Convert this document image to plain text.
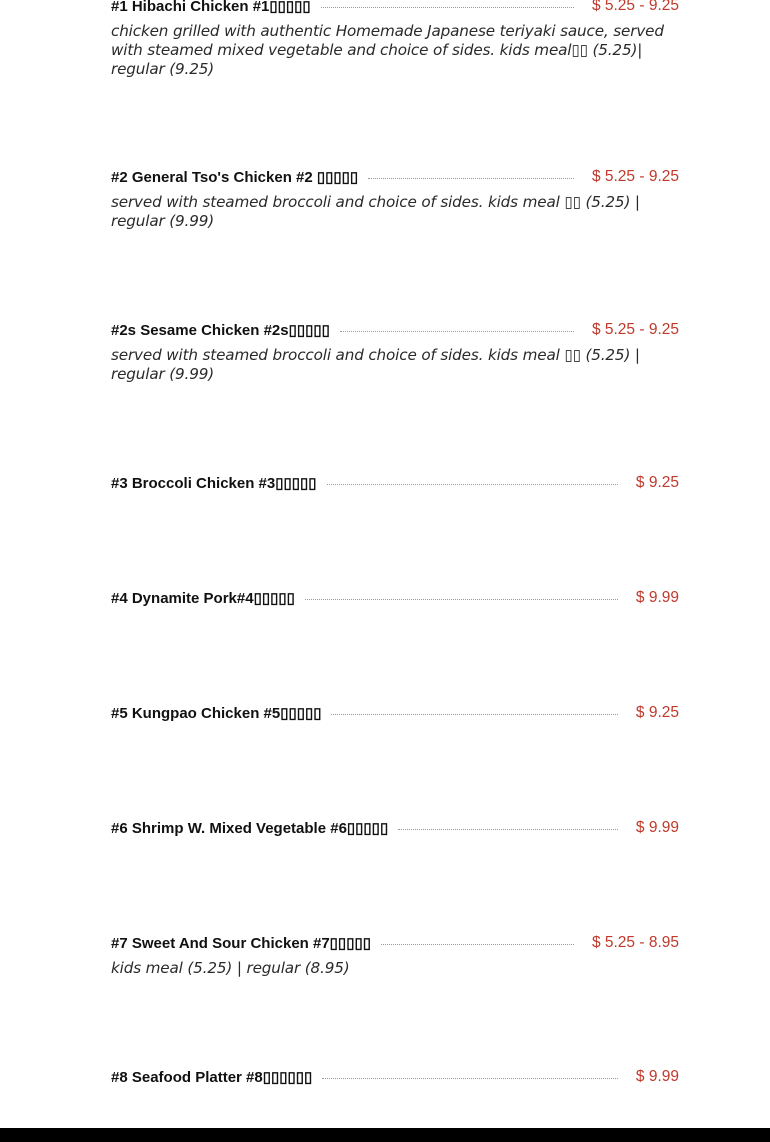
#1 Hibachi Chicken #1▯▯▯▯▯	$ 5.25 - 9.25
chicken grilled with authentic Homemade Japanese teriyaki sauce, served with steamed mixed vegetable and choice of sides. kids meal▯▯ (5.25)| regular (9.25)
#2 General Tso's Chicken #2 ▯▯▯▯▯	$ 5.25 - 9.25
served with steamed broccoli and choice of sides. kids meal ▯▯ (5.25) | regular (9.99)
#2s Sesame Chicken #2s▯▯▯▯▯	$ 5.25 - 9.25
served with steamed broccoli and choice of sides. kids meal ▯▯ (5.25) | regular (9.99)
#3 Broccoli Chicken #3▯▯▯▯▯	$ 9.25
#4 Dynamite Pork#4▯▯▯▯▯	$ 9.99
#5 Kungpao Chicken #5▯▯▯▯▯	$ 9.25
#6 Shrimp W. Mixed Vegetable #6▯▯▯▯▯	$ 9.99
#7 Sweet And Sour Chicken #7▯▯▯▯▯	$ 5.25 - 8.95
kids meal (5.25) | regular (8.95)
#8 Seafood Platter #8▯▯▯▯▯▯	$ 9.99
